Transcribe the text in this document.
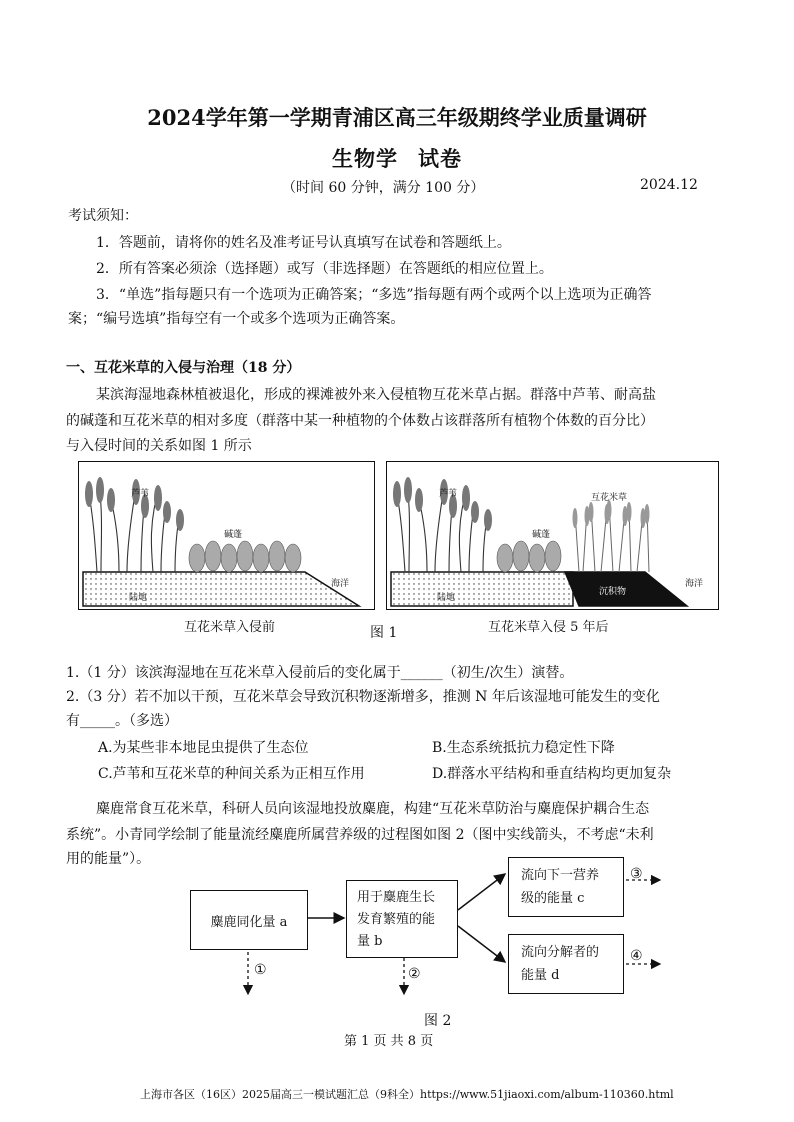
2024学年第一学期青浦区高三年级期终学业质量调研
生物学 试卷
（时间 60 分钟，满分 100 分）	2024.12
考试须知：
1．答题前，请将你的姓名及准考证号认真填写在试卷和答题纸上。
2．所有答案必须涂（选择题）或写（非选择题）在答题纸的相应位置上。
3．“单选”指每题只有一个选项为正确答案；“多选”指每题有两个或两个以上选项为正确答
案；“编号选填”指每空有一个或多个选项为正确答案。
一、互花米草的入侵与治理（18 分）
某滨海湿地森林植被退化，形成的裸滩被外来入侵植物互花米草占据。群落中芦苇、耐高盐
的碱蓬和互花米草的相对多度（群落中某一种植物的个体数占该群落所有植物个体数的百分比）
与入侵时间的关系如图 1 所示
芦苇
碱蓬
陆地
海洋
芦苇
碱蓬
互花米草
陆地
沉积物
海洋
互花米草入侵前	图 1	互花米草入侵 5 年后
1.（1 分）该滨海湿地在互花米草入侵前后的变化属于______（初生/次生）演替。
2.（3 分）若不加以干预，互花米草会导致沉积物逐渐增多，推测 N 年后该湿地可能发生的变化
有_____。（多选）
A.为某些非本地昆虫提供了生态位	B.生态系统抵抗力稳定性下降
C.芦苇和互花米草的种间关系为正相互作用	D.群落水平结构和垂直结构均更加复杂
麋鹿常食互花米草，科研人员向该湿地投放麋鹿，构建“互花米草防治与麋鹿保护耦合生态
系统”。小青同学绘制了能量流经麋鹿所属营养级的过程图如图 2（图中实线箭头，不考虑“未利
用的能量”）。
麋鹿同化量 a
用于麋鹿生长
发育繁殖的能
量 b
流向下一营养
级的能量 c
流向分解者的
能量 d
①	②
③
④
图 2
第 1 页 共 8 页
上海市各区（16区）2025届高三一模试题汇总（9科全）https://www.51jiaoxi.com/album-110360.html
